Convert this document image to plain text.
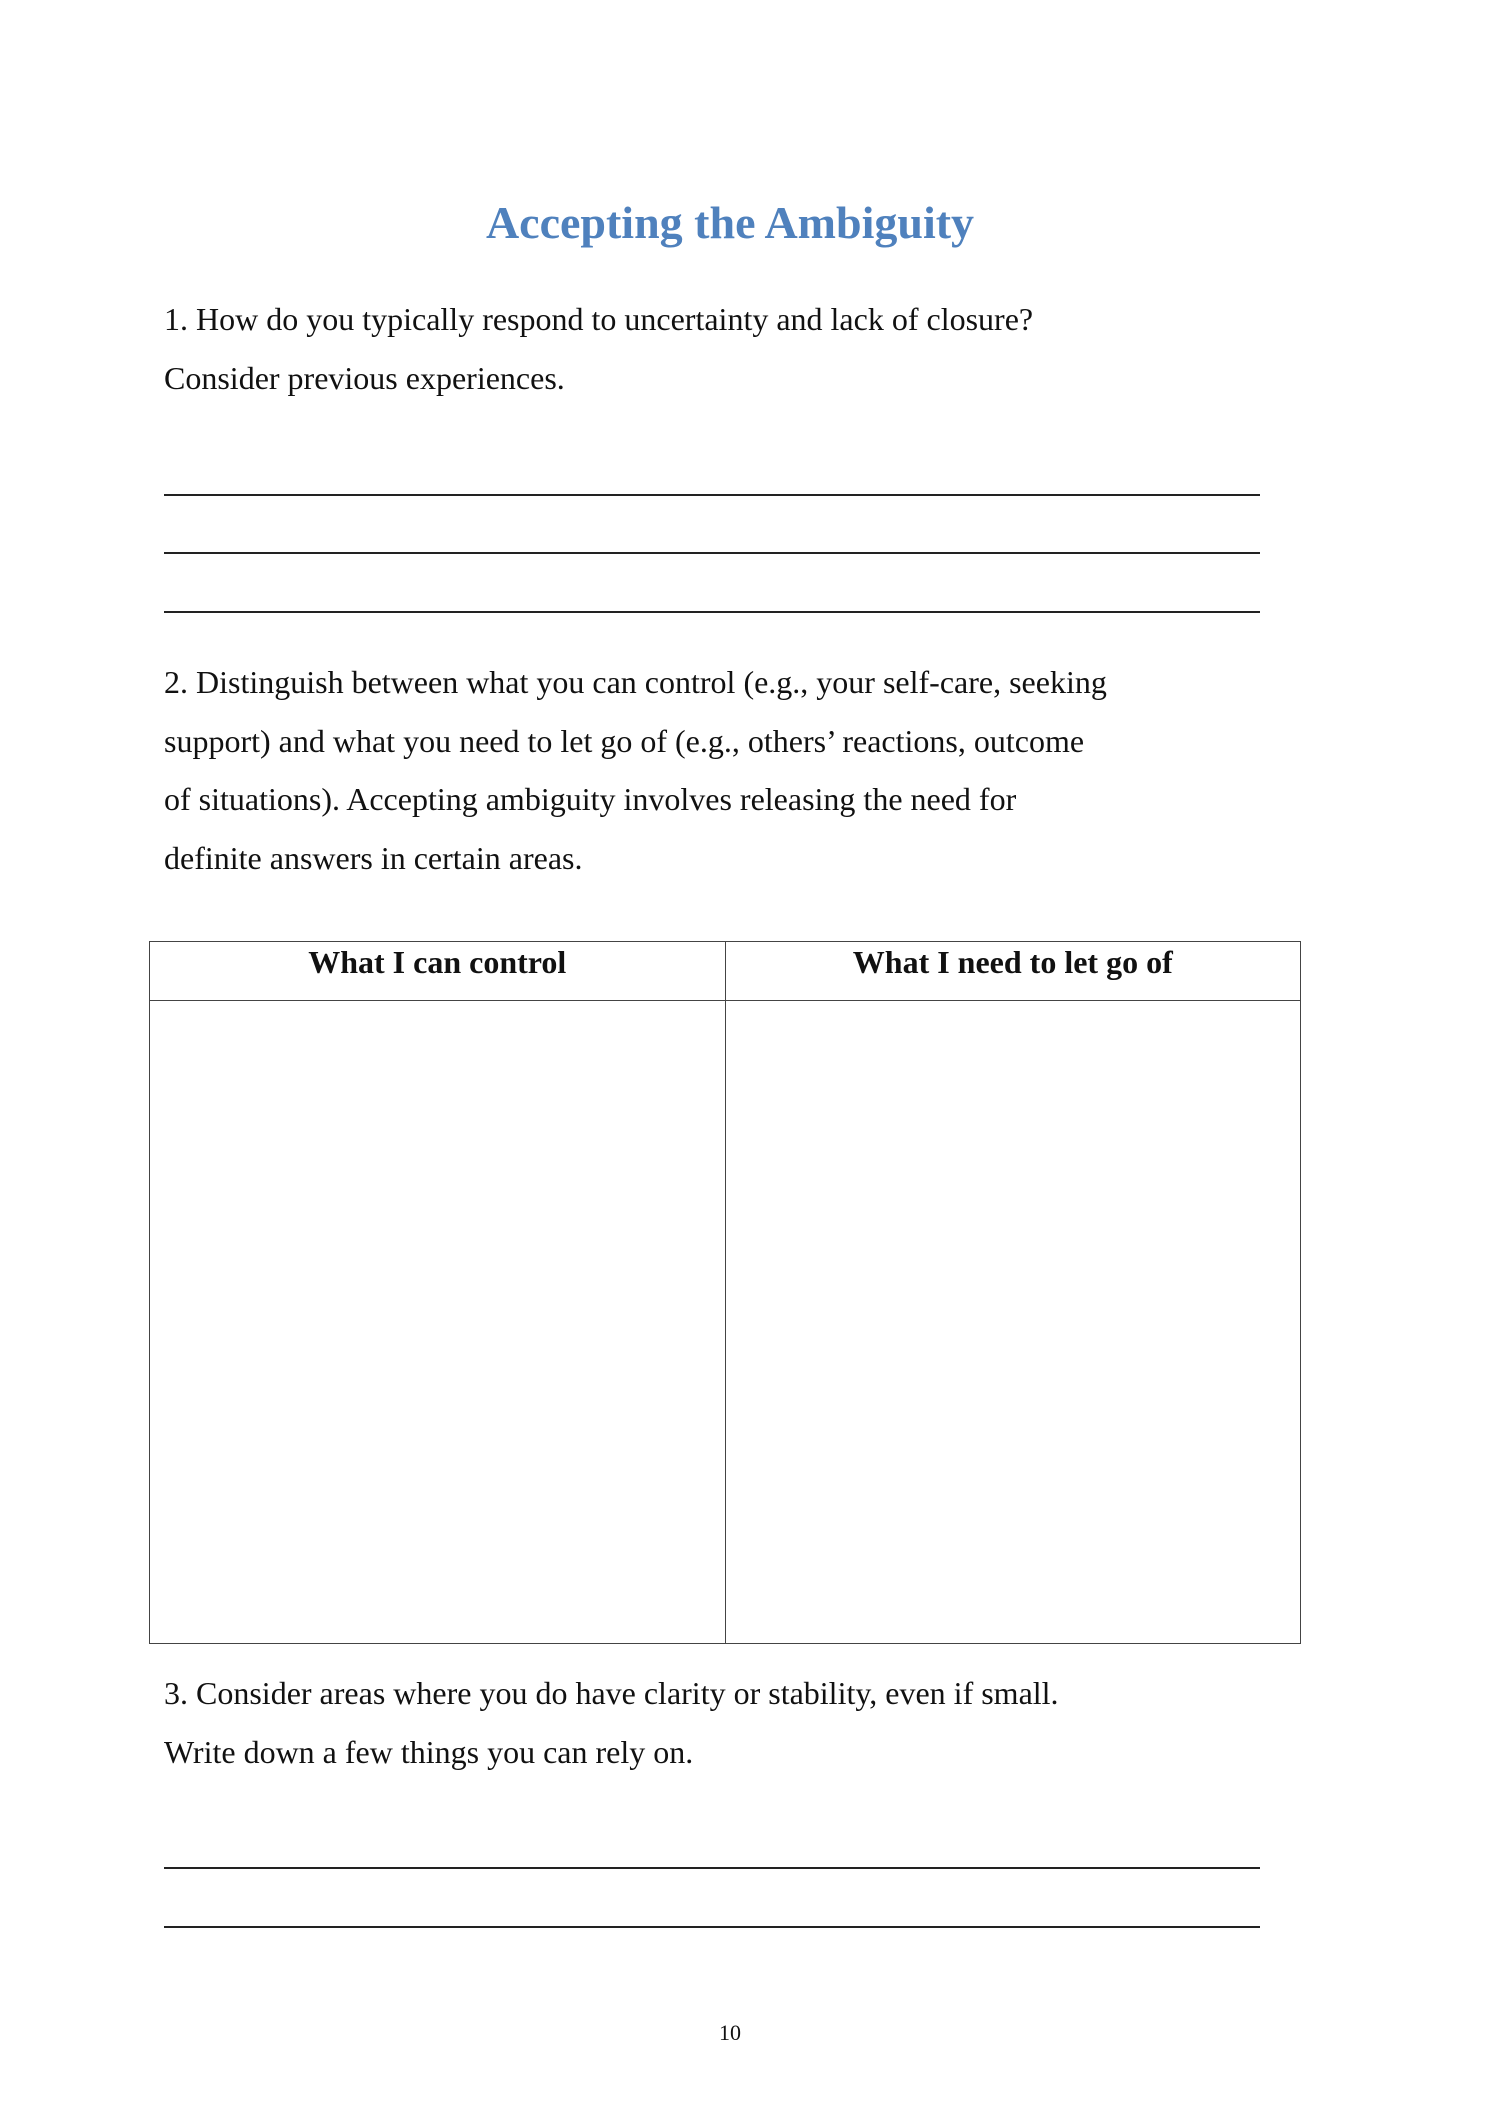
Accepting the Ambiguity
1. How do you typically respond to uncertainty and lack of closure?
Consider previous experiences.
2. Distinguish between what you can control (e.g., your self-care, seeking
support) and what you need to let go of (e.g., others’ reactions, outcome
of situations). Accepting ambiguity involves releasing the need for
definite answers in certain areas.
What I can control	What I need to let go of

3. Consider areas where you do have clarity or stability, even if small.
Write down a few things you can rely on.
10
